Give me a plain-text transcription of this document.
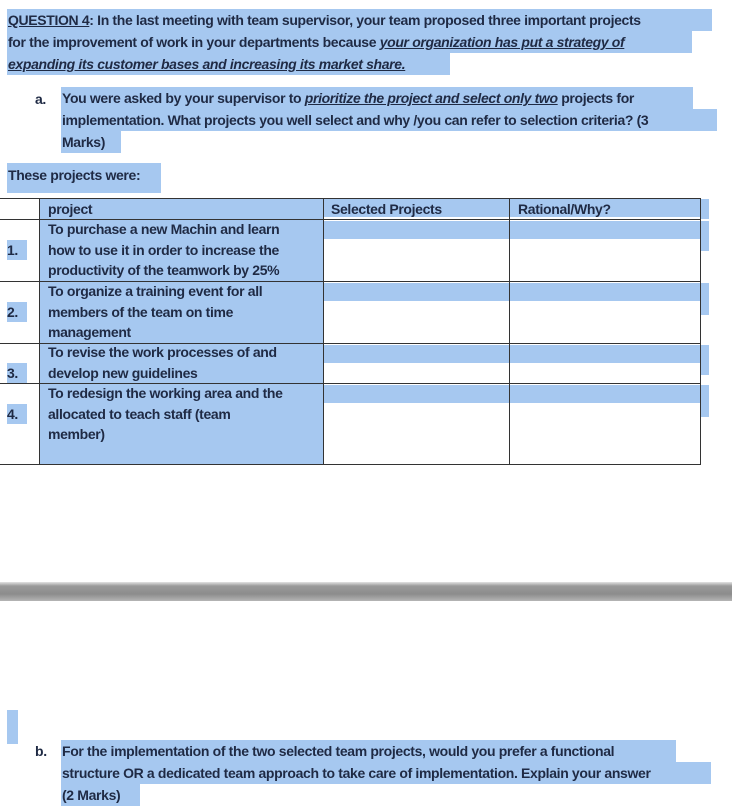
QUESTION 4: In the last meeting with team supervisor, your team proposed three important projects
for the improvement of work in your departments because your organization has put a strategy of
expanding its customer bases and increasing its market share.
a. You were asked by your supervisor to prioritize the project and select only two projects for
implementation. What projects you well select and why /you can refer to selection criteria? (3
Marks)
These projects were:
project
To purchase a new Machin and learn
how to use it in order to increase the
productivity of the teamwork by 25%
To organize a training event for all
members of the team on time
management
To revise the work processes of and
develop new guidelines
To redesign the working area and the
allocated to teach staff (team
member)
Selected Projects	Rational/Why?
1.
2.
3.
4.
b. For the implementation of the two selected team projects, would you prefer a functional
structure OR a dedicated team approach to take care of implementation. Explain your answer
(2 Marks)
